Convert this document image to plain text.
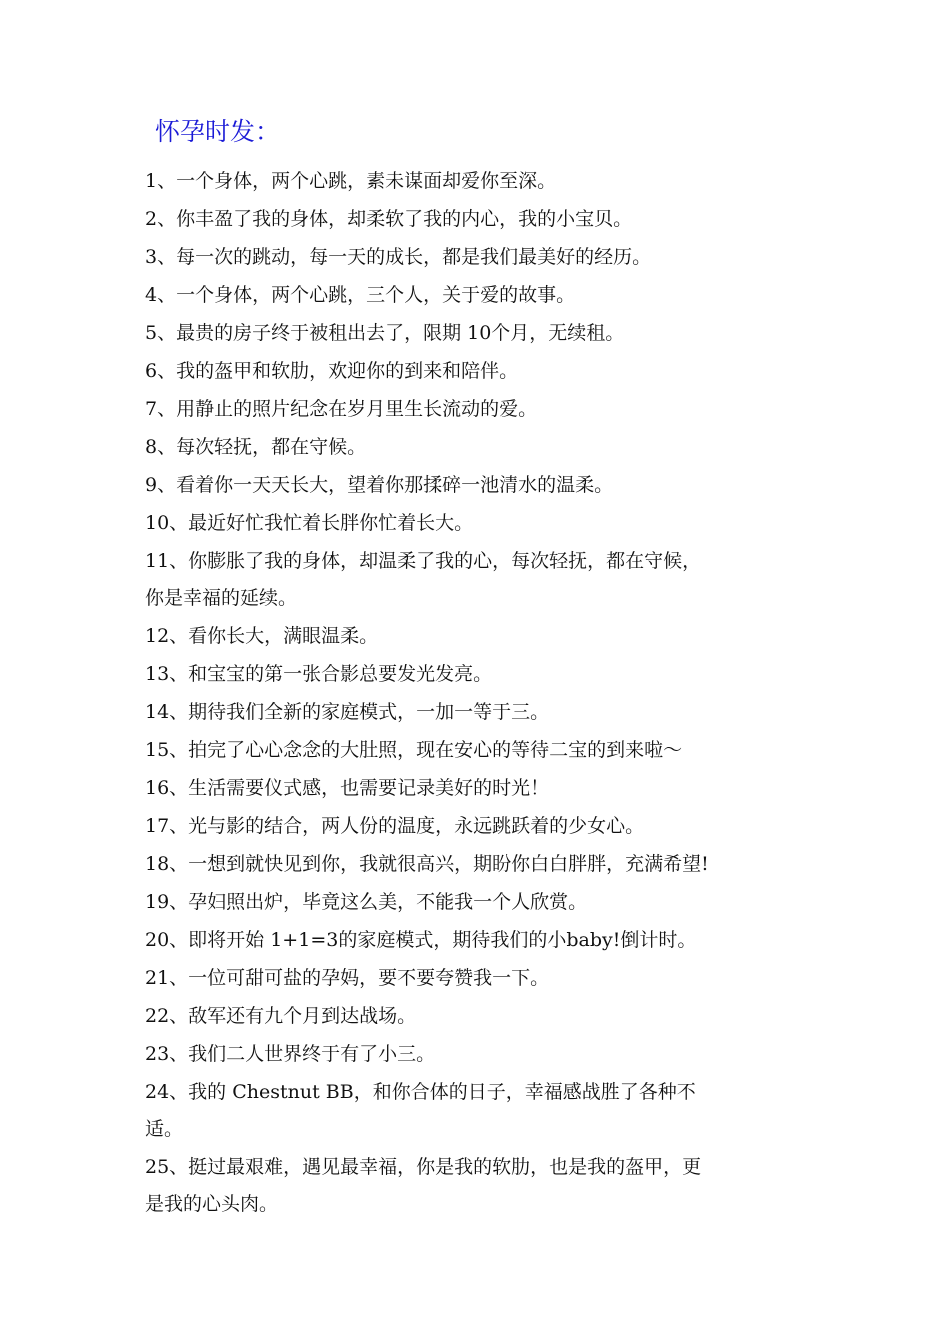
怀孕时发：
1、一个身体，两个心跳，素未谋面却爱你至深。
2、你丰盈了我的身体，却柔软了我的内心，我的小宝贝。
3、每一次的跳动，每一天的成长，都是我们最美好的经历。
4、一个身体，两个心跳，三个人，关于爱的故事。
5、最贵的房子终于被租出去了，限期 10个月，无续租。
6、我的盔甲和软肋，欢迎你的到来和陪伴。
7、用静止的照片纪念在岁月里生长流动的爱。
8、每次轻抚，都在守候。
9、看着你一天天长大，望着你那揉碎一池清水的温柔。
10、最近好忙我忙着长胖你忙着长大。
11、你膨胀了我的身体，却温柔了我的心，每次轻抚，都在守候，
你是幸福的延续。
12、看你长大，满眼温柔。
13、和宝宝的第一张合影总要发光发亮。
14、期待我们全新的家庭模式，一加一等于三。
15、拍完了心心念念的大肚照，现在安心的等待二宝的到来啦～
16、生活需要仪式感，也需要记录美好的时光！
17、光与影的结合，两人份的温度，永远跳跃着的少女心。
18、一想到就快见到你，我就很高兴，期盼你白白胖胖，充满希望!
19、孕妇照出炉，毕竟这么美，不能我一个人欣赏。
20、即将开始 1+1=3的家庭模式，期待我们的小baby!倒计时。
21、一位可甜可盐的孕妈，要不要夸赞我一下。
22、敌军还有九个月到达战场。
23、我们二人世界终于有了小三。
24、我的 Chestnut BB，和你合体的日子，幸福感战胜了各种不
适。
25、挺过最艰难，遇见最幸福，你是我的软肋，也是我的盔甲，更
是我的心头肉。
